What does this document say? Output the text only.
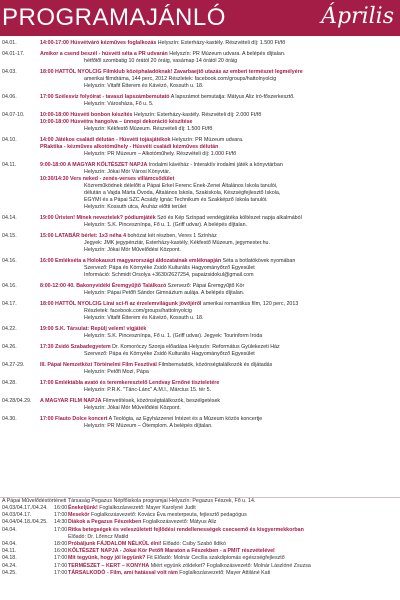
PROGRAMAJÁNLÓ	Április
04.01.	14:00-17:00 Húsvétváró kézműves foglalkozás Helyszín: Esterházy-kastély. Részvételi díj: 1.500 Ft/fő
04.01-17.	Amikor a csend beszél - húsvéti séta a PR udvarán Helyszín: PR Múzeum udvara. A belépés díjtalan.
hétfőtől szombatig 10 órától 20 óráig, vasárnap 14 órától 20 óráig
04.03.	18:00 HATTÓL NYOLCIG Filmklub középhaladóknak! Zavarbaejtő utazás az emberi természet legmélyére
amerikai filmdráma, 144 perc, 2012 Részletek: facebook.com/groups/hattolnyolcig
Helyszín: Vitafit Étterem és Kávézó, Kossuth u. 18.
04.06.	17:00 Szélesvíz folyóirat - tavaszi lapszámbemutató A lapszámot bemutatja: Mátyus Aliz író-főszerkesztő.
Helyszín: Városháza, Fő u. 5.
04.07-10.	10:00-18:00 Húsvéti bonbon készítés Helyszín: Esterházy-kastély. Részvételi díj: 2.000 Ft/fő
10:00-18:00 Húsvétra hangolva – ünnepi dekoráció készítése
Helyszín: Kékfestő Múzeum. Részvételi díj: 1.500 Ft/fő
04.10.	14:00 Játékos családi délután - Húsvéti tojásjátékok Helyszín: PR Múzeum udvara.
PRaktika - kézműves alkotóműhely - Húsvéti családi kézműves délután
Helyszín: PR Múzeum – Alkotóműhely. Részvételi díj: 1.000 Ft/fő
04.11.	9:00-18:00 A MAGYAR KÖLTÉSZET NAPJA Irodalmi kávéház - Interaktív irodalmi játék a könyvtárban
Helyszín: Jókai Mór Városi Könyvtár.
10:30/14:30 Vers neked - zenés-verses villámcsődület
Közreműködnek délelőtt a Pápai Erkel Ferenc Ének-Zenei Általános Iskola tanulói,
délután a Vajda Márta Óvoda, Általános Iskola, Szakiskola, Készségfejlesztő Iskola,
EGYMI és a Pápai SZC Acsády Ignác Technikum és Szakképző Iskola tanulói.
Helyszín: Kossuth utca, Áruház előtti terület
04.14.	19:00 Üristen! Minek neveztelek? pódiumjáték Szó és Kép Színpad vendégjátéka költészet napja alkalmából
Helyszín: S.K. Pincesznínpa, Fő u. 1. (Griff udvar). A belépés díjtalan.
04.15.	15:00 LATABÁR bérlet: 1x3 néha 4 bohózat két részben, Veres 1 Színház
Jegyek: JMK jegypénztár, Esterházy-kastély, Kékfestő Múzeum, jegymester.hu.
Helyszín: Jókai Mór Művelődési Központ.
04.16.	16:00 Emlékséta a Holokauszt magyarországi áldozatainak emléknapján Séta a botlatókövek nyomában
Szervező: Pápa és Környéke Zsidó Kulturális Hagyományőrző Egyesület
Információ: Schmidt Orsolya +3630/2627254, papaizsidokul@gmail.com
04.16.	8:00-12:00 40. Bakonyvidéki Éremgyűjtő Találkozó Szervező: Pápai Éremgyűjtő Kör
Helyszín: Pápai Petőfi Sándor Gimnázium aulája. A belépés díjtalan.
04.17.	18:00 HATTÓL NYOLCIG Lírai sci-fi az érzelemvilágunk jövőjéről amerikai romantikus film, 120 perc, 2013
Részletek: facebook.com/groups/hattolnyolcig
Helyszín: Vitafit Étterem és Kávézó, Kossuth u. 18.
04.22.	19:00 S.K. Társulat: Repülj velem! vígjáték
Helyszín: S.K. Pincesznínpa, Fő u. 1. (Griff udvar). Jegyek: Tourinform Iroda
04.26.	17:30 Zsidó Szabadegyetem Dr. Komoróczy Szonja előadása Helyszín: Református Gyülekezeti Ház
Szervező: Pápa és Környéke Zsidó Kulturális Hagyományőrző Egyesület
04.27-29.	III. Pápai Nemzetközi Történelmi Film Fesztivál Filmbemutatók, közönségtalálkozók és díjátadás
Helyszín: Petőfi Mozi, Pápa
04.28.	17:00 Emléktábla avató és teremkeresztelő Lendvay Ernőné tiszteletére
Helyszín: P.R.K. "Tánc-Lánc" A.M.I., Március 15. tér 5.
04.28/04.29. A MAGYAR FILM NAPJA Filmvetítések, közönségtalálkozók, beszélgetések
Helyszín: Jókai Mór Művelődési Központ.
04.30.	17:00 Flauto Dolce koncert A Teológia, az Egyházzenei Intézet és a Múzeum közös koncertje
Helyszín: PR Múzeum – Ótemplom. A belépés díjtalan.
A Pápai Művelődéstörténeti Társaság Pegazus Népfőiskola programjai Helyszín: Pegazus Fészek, Fő u. 14.
04.03/04.17./04.24. 16:00 Énekeljünk! Foglalkozásvezető: Mayer Karolyné Judit
04.03/04.17.	17:00 Mesekör Foglalkozásvezető: Kovács Éva mesterpeuta, fejlesztő pedagógus
04.04/04.18./04.25. 14:30 Diákok a Pegazus Fészekben Foglalkozásvezető: Mátyus Aliz
04.04.	17:00 Ritka betegségek és veleszületett fejlődési rendellenességek csecsemő és kisgyermekkorban
Előadó: Dr. Lőrincz Matild
04.04.	18:00 Próbáljunk FÁJDALOM NÉLKÜL élni! Előadó: Csiby Szabó Ildikó
04.11.	16:00 KÖLTÉSZET NAPJA - Jókai Kör Petőfi Maraton a Fészekben - a PMIT részvételével
04.18.	17:00 Mit tegyünk, hogy jól legyünk? Fit Előadó: Molnár Cecília szakdiplomás egészségfejlesztő
04.24.	17:00 TERMÉSZET – KERT – KONYHA Miért együnk zöldeket? Foglalkozásvezető: Molnár Lászlóné Zsuzsa
04.25.	17:00 TÁRSALKODÓ - Film, ami hatással volt rám Foglalkozásvezető: Mayer Attiláné Kati
